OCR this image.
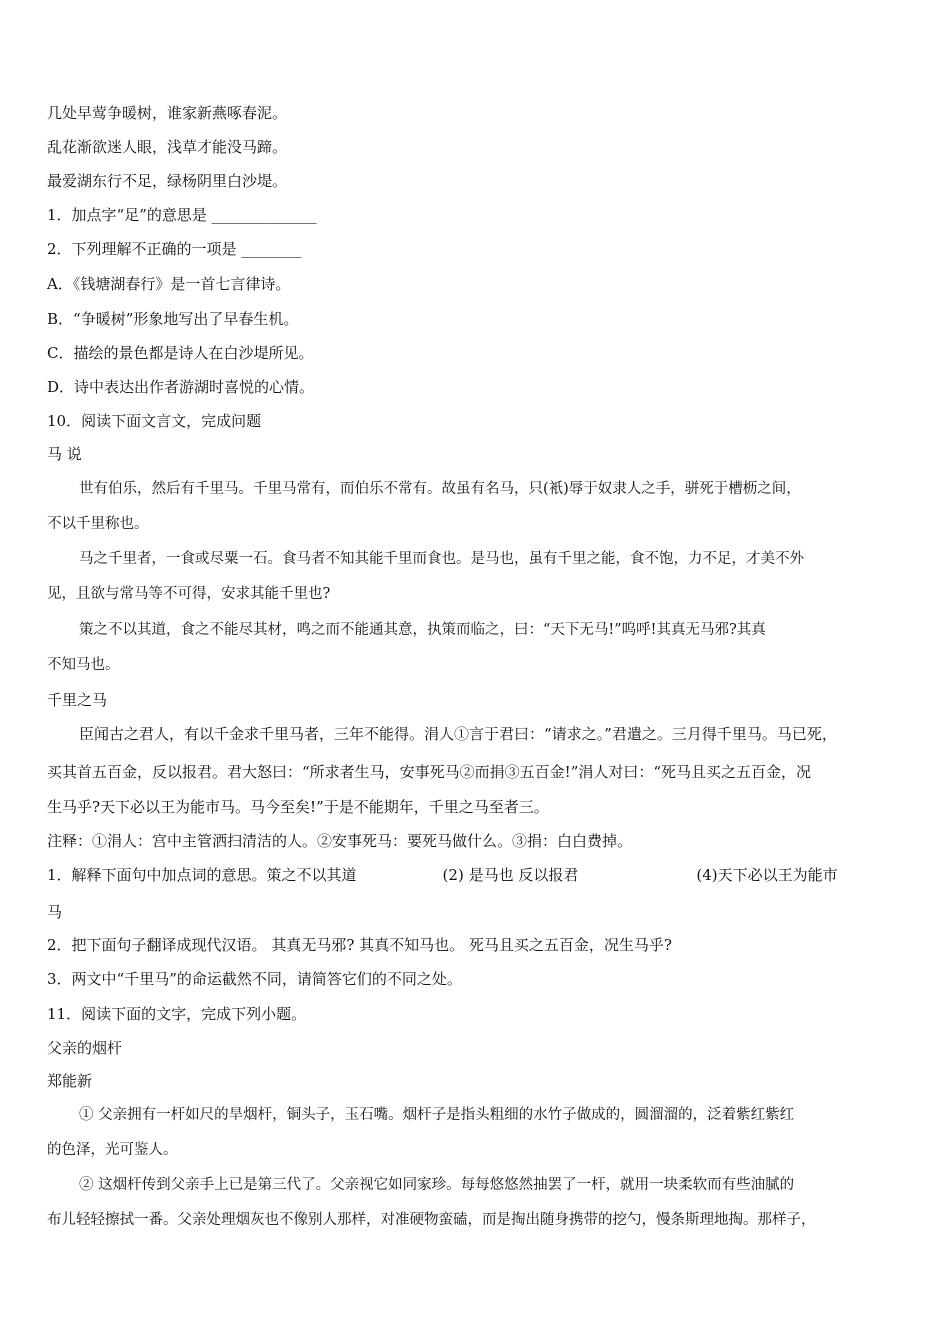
几处早莺争暖树，谁家新燕啄春泥。
乱花渐欲迷人眼，浅草才能没马蹄。
最爱湖东行不足，绿杨阴里白沙堤。
1．加点字“足”的意思是 ______________
2．下列理解不正确的一项是 ________
A．《钱塘湖春行》是一首七言律诗。
B．“争暖树”形象地写出了早春生机。
C．描绘的景色都是诗人在白沙堤所见。
D．诗中表达出作者游湖时喜悦的心情。
10．阅读下面文言文，完成问题
马 说
世有伯乐，然后有千里马。千里马常有，而伯乐不常有。故虽有名马，只(衹)辱于奴隶人之手，骈死于槽枥之间，
不以千里称也。
马之千里者，一食或尽粟一石。食马者不知其能千里而食也。是马也，虽有千里之能，食不饱，力不足，才美不外
见，且欲与常马等不可得，安求其能千里也?
策之不以其道，食之不能尽其材，鸣之而不能通其意，执策而临之，曰：“天下无马!”呜呼!其真无马邪?其真
不知马也。
千里之马
臣闻古之君人，有以千金求千里马者，三年不能得。涓人①言于君曰：“请求之。”君遣之。三月得千里马。马已死，
买其首五百金，反以报君。君大怒曰：“所求者生马，安事死马②而捐③五百金!”涓人对曰：“死马且买之五百金，况
生马乎?天下必以王为能市马。马今至矣!”于是不能期年，千里之马至者三。
注释：①涓人：宫中主管洒扫清洁的人。②安事死马：要死马做什么。③捐：白白费掉。
1．解释下面句中加点词的意思。策之不以其道	(2) 是马也 反以报君	(4)天下必以王为能市
马
2．把下面句子翻译成现代汉语。 其真无马邪? 其真不知马也。 死马且买之五百金，况生马乎?
3．两文中“千里马”的命运截然不同，请简答它们的不同之处。
11．阅读下面的文字，完成下列小题。
父亲的烟杆
郑能新
① 父亲拥有一杆如尺的旱烟杆，铜头子，玉石嘴。烟杆子是指头粗细的水竹子做成的，圆溜溜的，泛着紫红紫红
的色泽，光可鉴人。
② 这烟杆传到父亲手上已是第三代了。父亲视它如同家珍。每每悠悠然抽罢了一杆，就用一块柔软而有些油腻的
布儿轻轻擦拭一番。父亲处理烟灰也不像别人那样，对准硬物蛮磕，而是掏出随身携带的挖勺，慢条斯理地掏。那样子，
